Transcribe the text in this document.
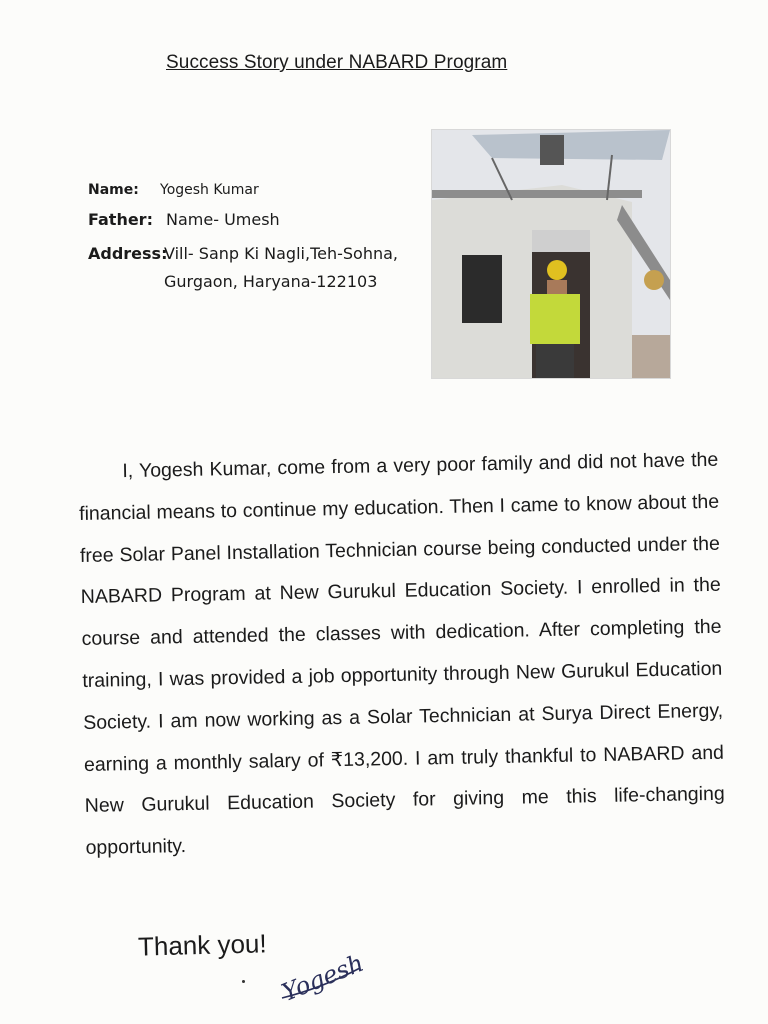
Success Story under NABARD Program
Name:	Yogesh Kumar
Father: Name- Umesh
Address:
Vill- Sanp Ki Nagli,Teh-Sohna,
Gurgaon, Haryana-122103
I, Yogesh Kumar, come from a very poor family and did not have the financial means to continue my education. Then I came to know about the free Solar Panel Installation Technician course being conducted under the NABARD Program at New Gurukul Education Society. I enrolled in the course and attended the classes with dedication. After completing the training, I was provided a job opportunity through New Gurukul Education Society. I am now working as a Solar Technician at Surya Direct Energy, earning a monthly salary of ₹13,200. I am truly thankful to NABARD and New Gurukul Education Society for giving me this life-changing opportunity.
Thank you!
Yogesh
